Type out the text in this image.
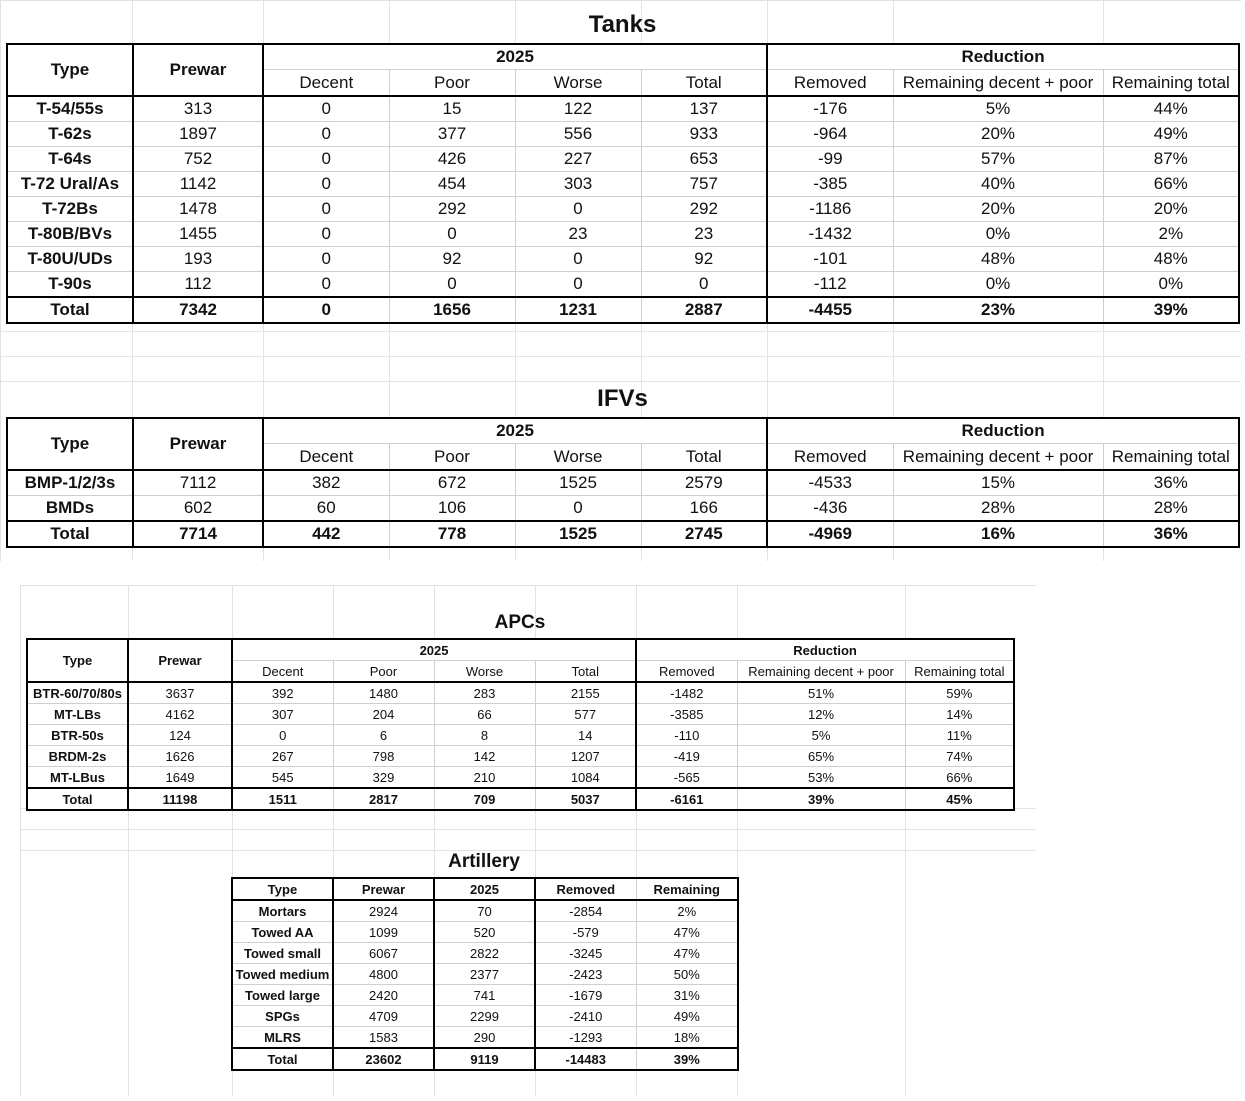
Tanks
Type	Prewar	2025				Reduction		
		Decent	Poor	Worse	Total	Removed	Remaining decent + poor	Remaining total
T-54/55s	313	0	15	122	137	-176	5%	44%
T-62s	1897	0	377	556	933	-964	20%	49%
T-64s	752	0	426	227	653	-99	57%	87%
T-72 Ural/As	1142	0	454	303	757	-385	40%	66%
T-72Bs	1478	0	292	0	292	-1186	20%	20%
T-80B/BVs	1455	0	0	23	23	-1432	0%	2%
T-80U/UDs	193	0	92	0	92	-101	48%	48%
T-90s	112	0	0	0	0	-112	0%	0%
Total	7342	0	1656	1231	2887	-4455	23%	39%
IFVs
Type	Prewar	2025				Reduction		
		Decent	Poor	Worse	Total	Removed	Remaining decent + poor	Remaining total
BMP-1/2/3s	7112	382	672	1525	2579	-4533	15%	36%
BMDs	602	60	106	0	166	-436	28%	28%
Total	7714	442	778	1525	2745	-4969	16%	36%
APCs
Type	Prewar	2025				Reduction		
		Decent	Poor	Worse	Total	Removed	Remaining decent + poor	Remaining total
BTR-60/70/80s	3637	392	1480	283	2155	-1482	51%	59%
MT-LBs	4162	307	204	66	577	-3585	12%	14%
BTR-50s	124	0	6	8	14	-110	5%	11%
BRDM-2s	1626	267	798	142	1207	-419	65%	74%
MT-LBus	1649	545	329	210	1084	-565	53%	66%
Total	11198	1511	2817	709	5037	-6161	39%	45%
Artillery
Type	Prewar	2025	Removed	Remaining
Mortars	2924	70	-2854	2%
Towed AA	1099	520	-579	47%
Towed small	6067	2822	-3245	47%
Towed medium	4800	2377	-2423	50%
Towed large	2420	741	-1679	31%
SPGs	4709	2299	-2410	49%
MLRS	1583	290	-1293	18%
Total	23602	9119	-14483	39%
